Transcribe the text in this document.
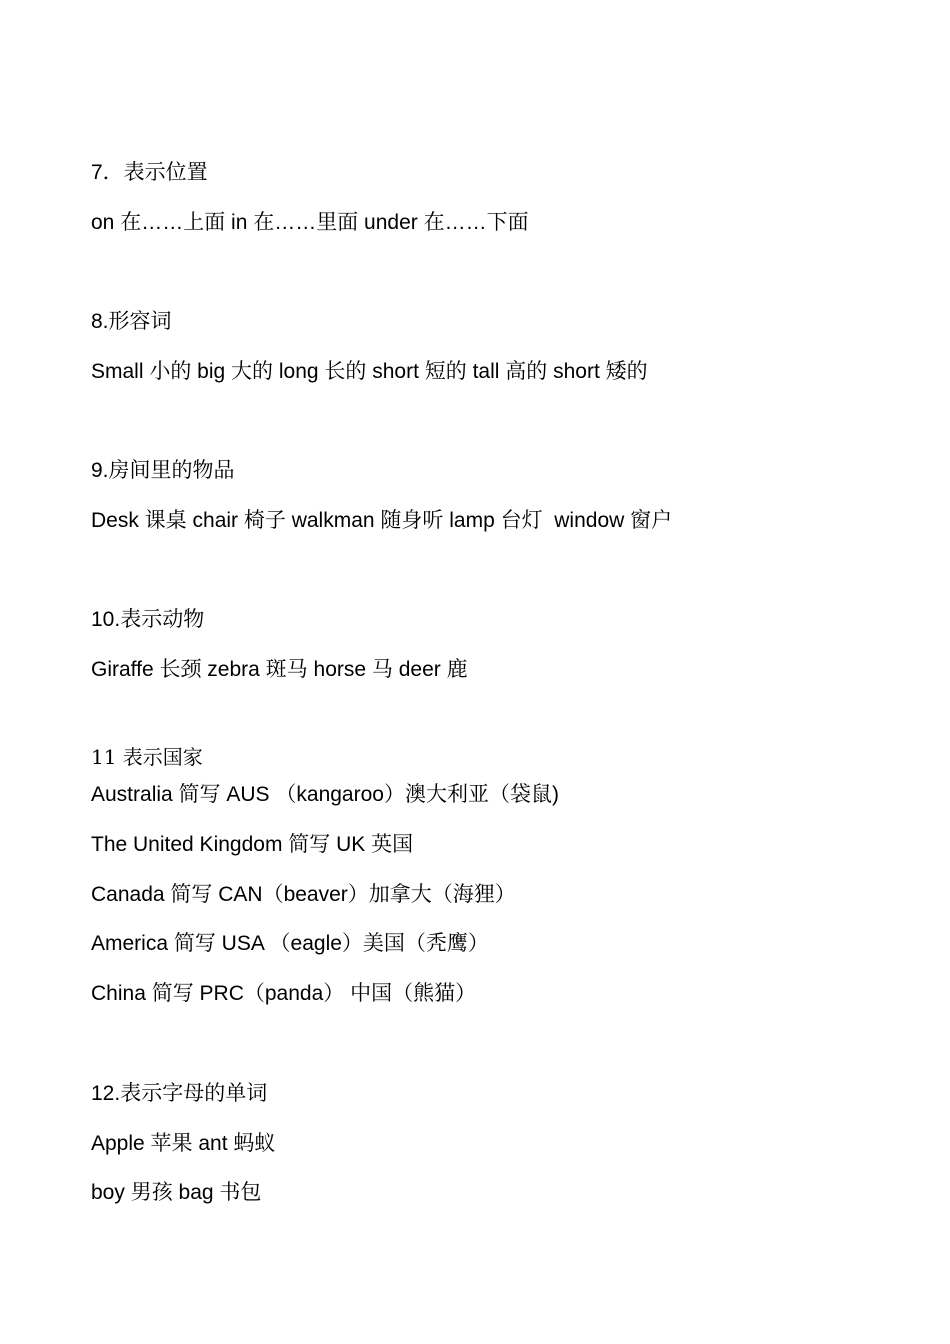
7．表示位置
on 在……上面 in 在……里面 under 在……下面
8.形容词
Small 小的 big 大的 long 长的 short 短的 tall 高的 short 矮的
9.房间里的物品
Desk 课桌 chair 椅子 walkman 随身听 lamp 台灯  window 窗户
10.表示动物
Giraffe 长颈 zebra 斑马 horse 马 deer 鹿
11 表示国家
Australia 简写 AUS （kangaroo）澳大利亚（袋鼠)
The United Kingdom 简写 UK 英国
Canada 简写 CAN（beaver）加拿大（海狸）
America 简写 USA （eagle）美国（秃鹰）
China 简写 PRC（panda） 中国（熊猫）
12.表示字母的单词
Apple 苹果 ant 蚂蚁
boy 男孩 bag 书包
